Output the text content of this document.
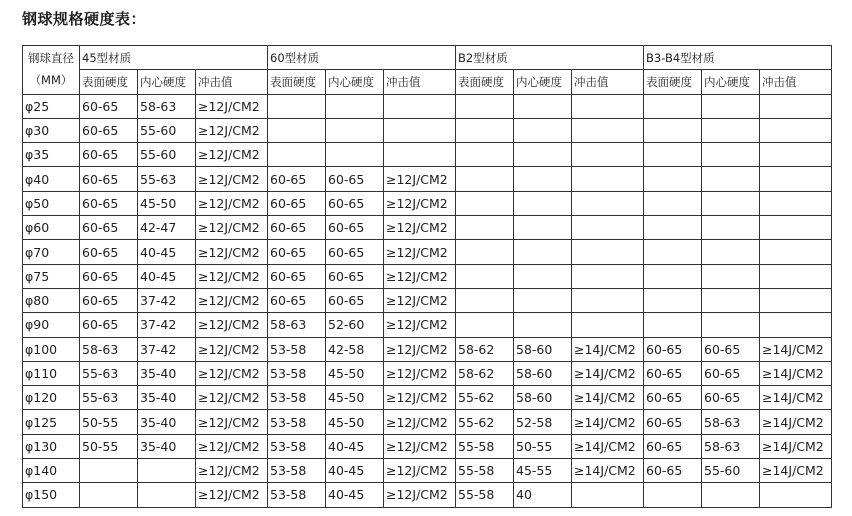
钢球规格硬度表：
钢球直径
（MM）	45型材质			60型材质			B2型材质			B3-B4型材质		
	表面硬度	内心硬度	冲击值	表面硬度	内心硬度	冲击值	表面硬度	内心硬度	冲击值	表面硬度	内心硬度	冲击值
φ25	60-65	58-63	≥12J/CM2									
φ30	60-65	55-60	≥12J/CM2									
φ35	60-65	55-60	≥12J/CM2									
φ40	60-65	55-63	≥12J/CM2	60-65	60-65	≥12J/CM2						
φ50	60-65	45-50	≥12J/CM2	60-65	60-65	≥12J/CM2						
φ60	60-65	42-47	≥12J/CM2	60-65	60-65	≥12J/CM2						
φ70	60-65	40-45	≥12J/CM2	60-65	60-65	≥12J/CM2						
φ75	60-65	40-45	≥12J/CM2	60-65	60-65	≥12J/CM2						
φ80	60-65	37-42	≥12J/CM2	60-65	60-65	≥12J/CM2						
φ90	60-65	37-42	≥12J/CM2	58-63	52-60	≥12J/CM2						
φ100	58-63	37-42	≥12J/CM2	53-58	42-58	≥12J/CM2	58-62	58-60	≥14J/CM2	60-65	60-65	≥14J/CM2
φ110	55-63	35-40	≥12J/CM2	53-58	45-50	≥12J/CM2	58-62	58-60	≥14J/CM2	60-65	60-65	≥14J/CM2
φ120	55-63	35-40	≥12J/CM2	53-58	45-50	≥12J/CM2	55-62	58-60	≥14J/CM2	60-65	60-65	≥14J/CM2
φ125	50-55	35-40	≥12J/CM2	53-58	45-50	≥12J/CM2	55-62	52-58	≥14J/CM2	60-65	58-63	≥14J/CM2
φ130	50-55	35-40	≥12J/CM2	53-58	40-45	≥12J/CM2	55-58	50-55	≥14J/CM2	60-65	58-63	≥14J/CM2
φ140			≥12J/CM2	53-58	40-45	≥12J/CM2	55-58	45-55	≥14J/CM2	60-65	55-60	≥14J/CM2
φ150			≥12J/CM2	53-58	40-45	≥12J/CM2	55-58	40				
